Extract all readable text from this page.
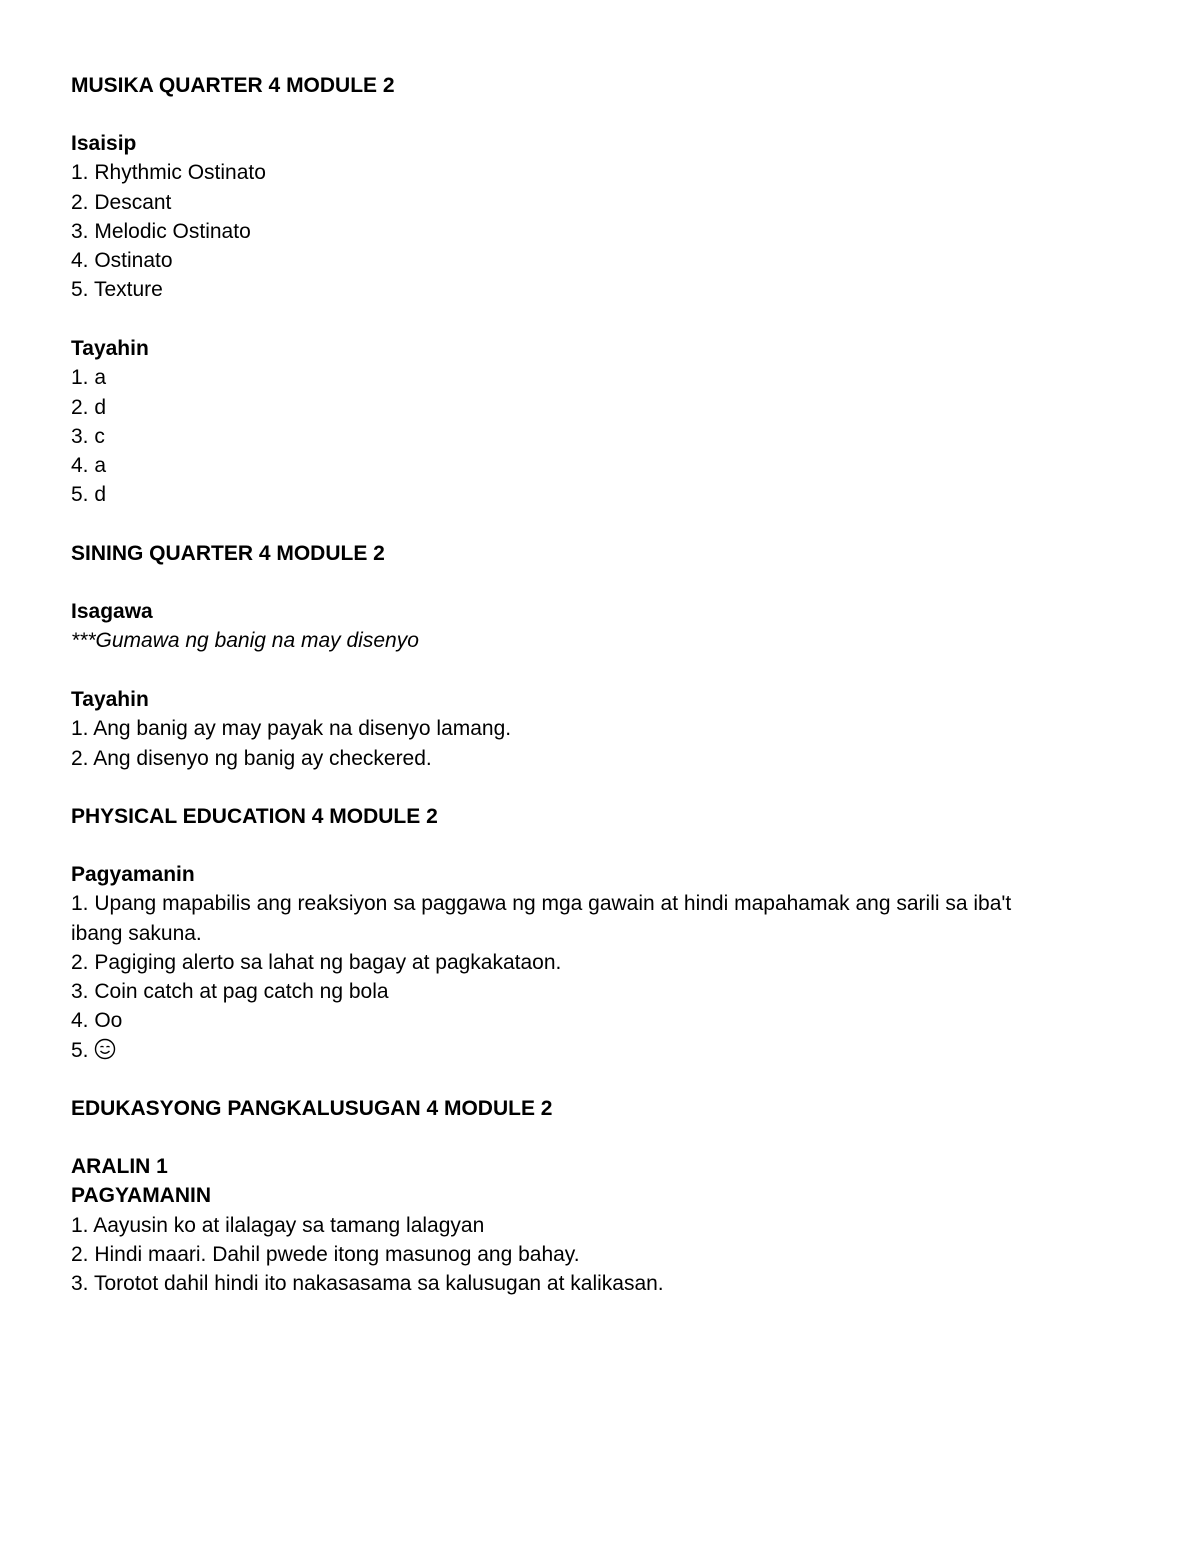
MUSIKA QUARTER 4 MODULE 2
Isaisip
1. Rhythmic Ostinato
2. Descant
3. Melodic Ostinato
4. Ostinato
5. Texture
Tayahin
1. a
2. d
3. c
4. a
5. d
SINING QUARTER 4 MODULE 2
Isagawa
***Gumawa ng banig na may disenyo
Tayahin
1. Ang banig ay may payak na disenyo lamang.
2. Ang disenyo ng banig ay checkered.
PHYSICAL EDUCATION 4 MODULE 2
Pagyamanin
1. Upang mapabilis ang reaksiyon sa paggawa ng mga gawain at hindi mapahamak ang sarili sa iba't
ibang sakuna.
2. Pagiging alerto sa lahat ng bagay at pagkakataon.
3. Coin catch at pag catch ng bola
4. Oo
5.
EDUKASYONG PANGKALUSUGAN 4 MODULE 2
ARALIN 1
PAGYAMANIN
1. Aayusin ko at ilalagay sa tamang lalagyan
2. Hindi maari. Dahil pwede itong masunog ang bahay.
3. Torotot dahil hindi ito nakasasama sa kalusugan at kalikasan.
